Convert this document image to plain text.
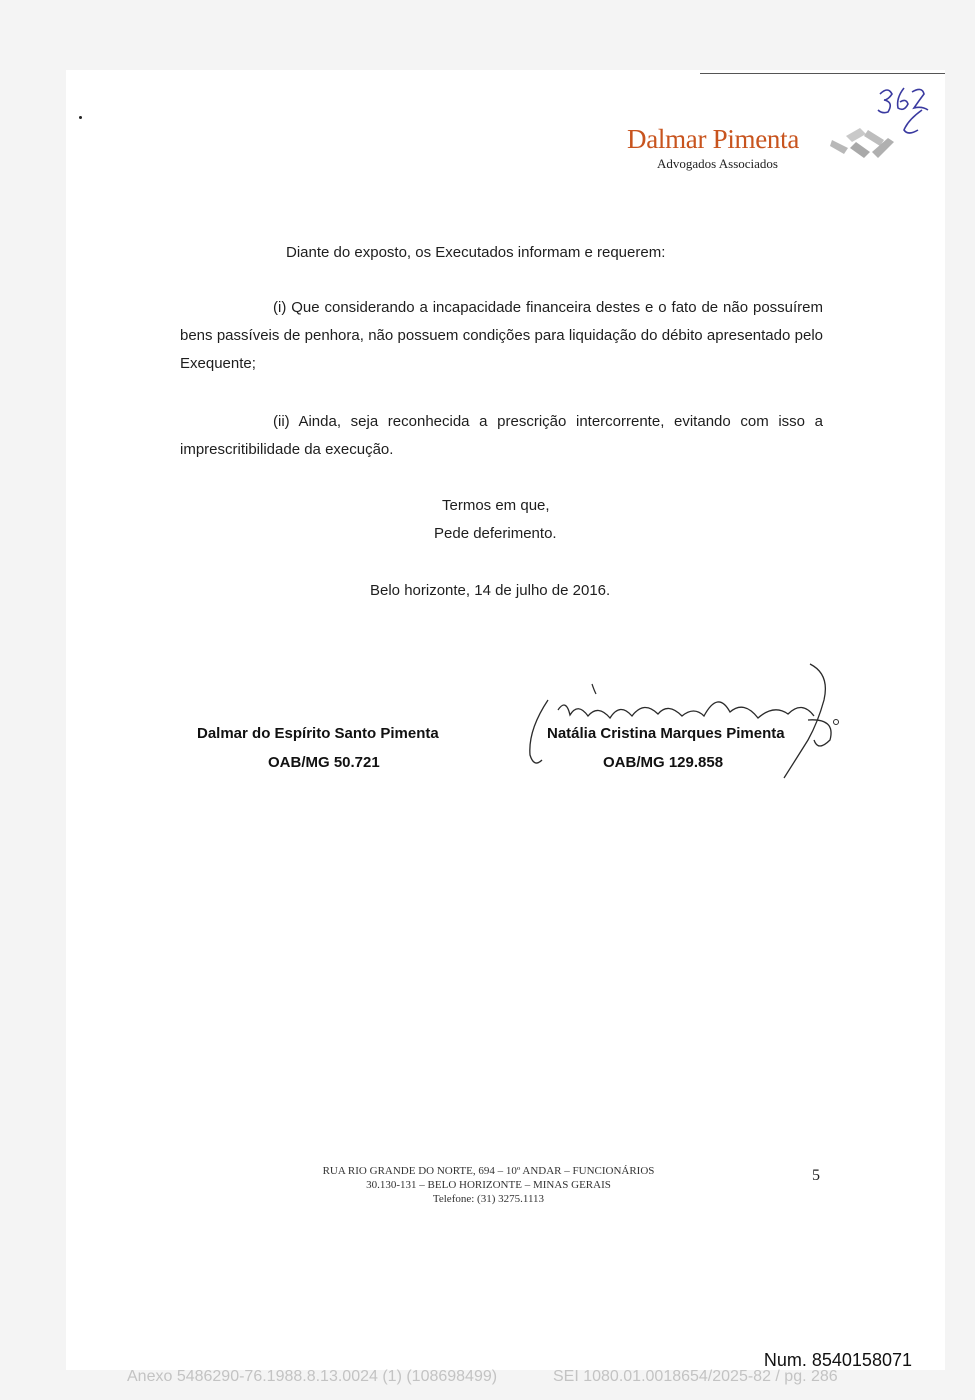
Dalmar Pimenta
Advogados Associados
Diante do exposto, os Executados informam e requerem:
(i) Que considerando a incapacidade financeira destes e o fato de não possuírem bens passíveis de penhora, não possuem condições para liquidação do débito apresentado pelo Exequente;
(ii) Ainda, seja reconhecida a prescrição intercorrente, evitando com isso a imprescritibilidade da execução.
Termos em que,
Pede deferimento.
Belo horizonte, 14 de julho de 2016.
Dalmar do Espírito Santo Pimenta
OAB/MG 50.721
Natália Cristina Marques Pimenta
OAB/MG 129.858
RUA RIO GRANDE DO NORTE, 694 – 10º ANDAR – FUNCIONÁRIOS
30.130-131 – BELO HORIZONTE – MINAS GERAIS
Telefone: (31) 3275.1113
5
Num. 8540158071
Anexo 5486290-76.1988.8.13.0024 (1) (108698499)	SEI 1080.01.0018654/2025-82 / pg. 286
